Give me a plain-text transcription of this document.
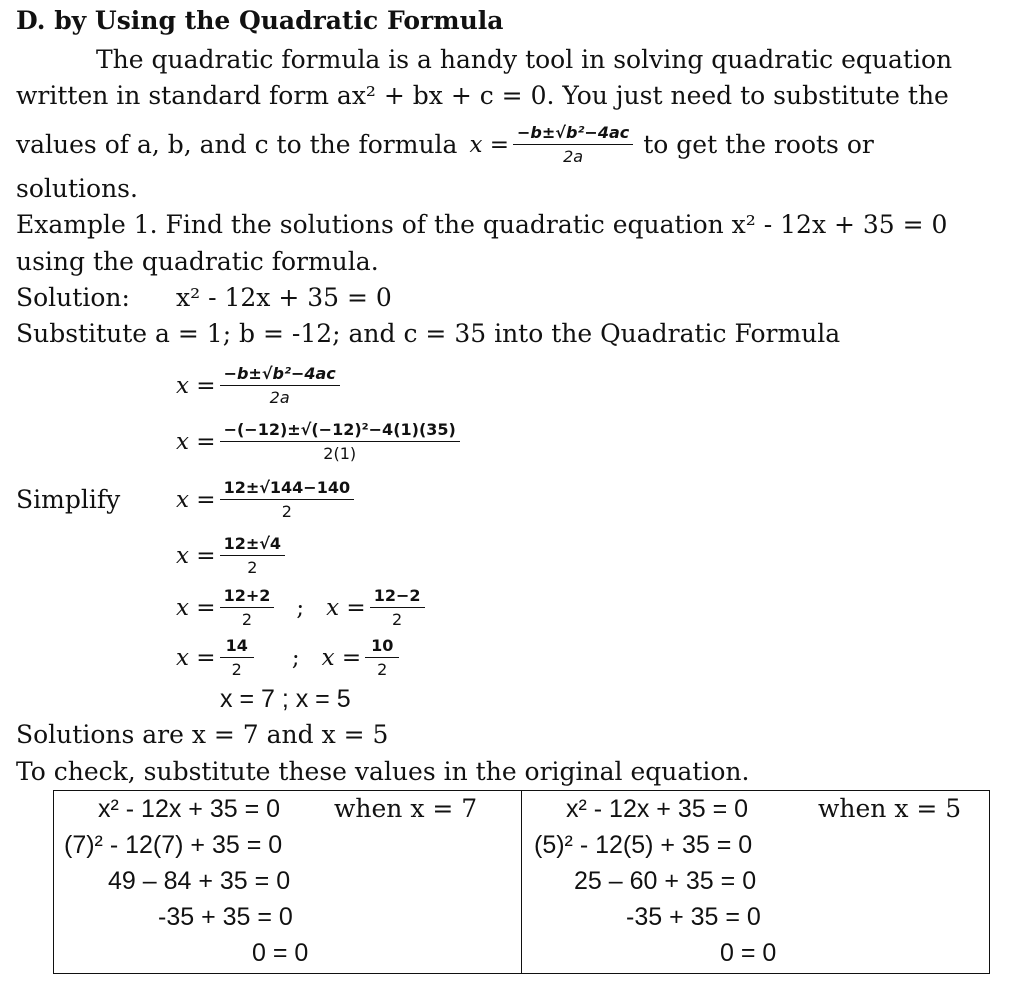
D. by Using the Quadratic Formula
The quadratic formula is a handy tool in solving quadratic equation
written in standard form ax² + bx + c = 0. You just need to substitute the
values of a, b, and c to the formula $x = \frac{\text{−b±√b²−4ac}}{2a}$ to get the roots or
solutions.
Example 1. Find the solutions of the quadratic equation x² - 12x + 35 = 0
using the quadratic formula.
Solution: x² - 12x + 35 = 0
Substitute a = 1; b = -12; and c = 35 into the Quadratic Formula
$x = \frac{\text{−b±√b²−4ac}}{2a}$
$x = \frac{\text{−(−12)±√(−12)²−4(1)(35)}}{2(1)}$
Simplify $x = \frac{12\pm√144-140}{2}$
$x = \frac{12\pm√4}{2}$
$x = \frac{12+2}{2}$ ; $x = \frac{12-2}{2}$
$x = \frac{14}{2}$ ; $x = \frac{10}{2}$
x = 7 ; x = 5
Solutions are x = 7 and x = 5
To check, substitute these values in the original equation.
x² - 12x + 35 = 0 when x = 7
(7)² - 12(7) + 35 = 0
49 – 84 + 35 = 0
-35 + 35 = 0
0 = 0

x² - 12x + 35 = 0	when x = 5
(5)² - 12(5) + 35 = 0
25 – 60 + 35 = 0
-35 + 35 = 0
0 = 0
